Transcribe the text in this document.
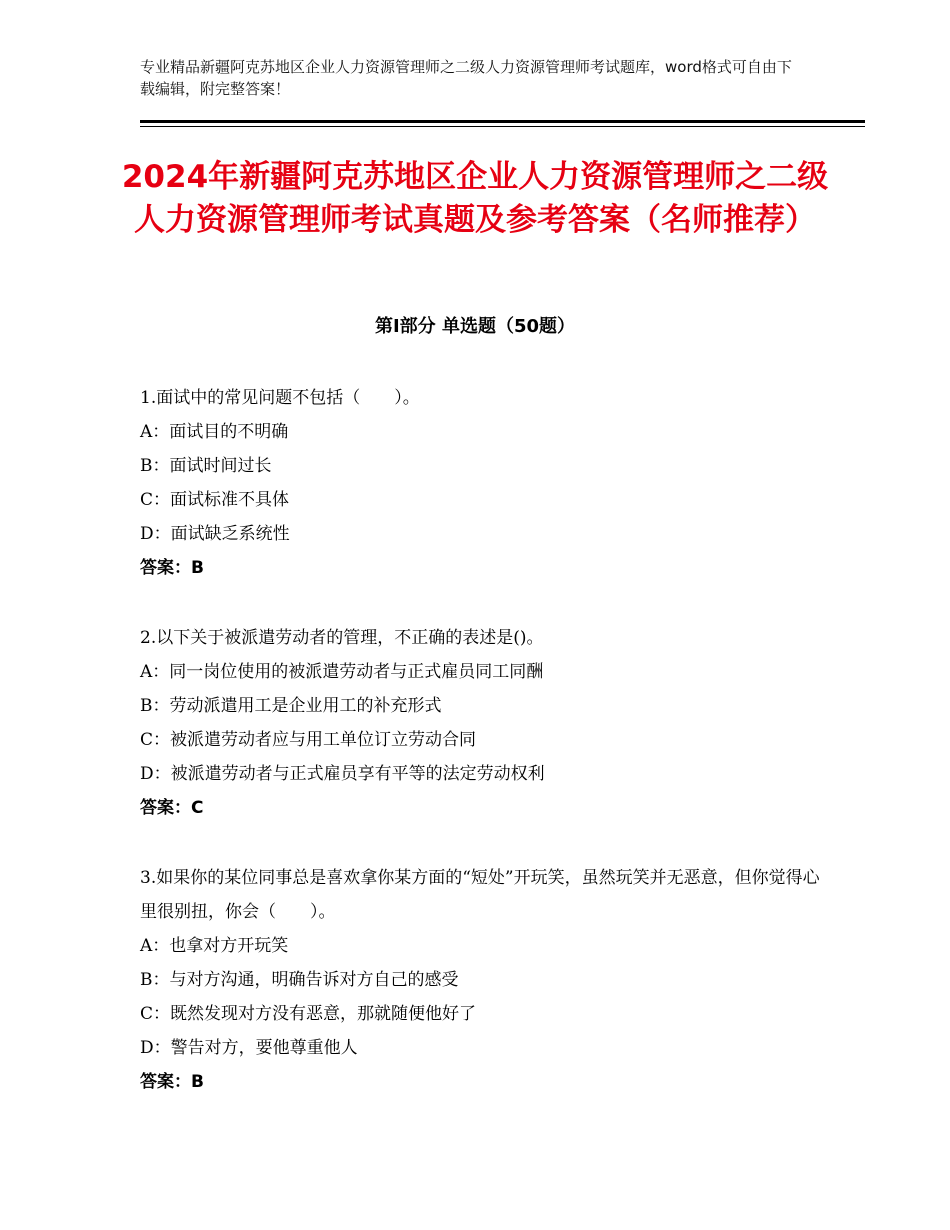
专业精品新疆阿克苏地区企业人力资源管理师之二级人力资源管理师考试题库，word格式可自由下载编辑，附完整答案！
2024年新疆阿克苏地区企业人力资源管理师之二级人力资源管理师考试真题及参考答案（名师推荐）
第Ⅰ部分 单选题（50题）

1.面试中的常见问题不包括（　　）。

A：面试目的不明确

B：面试时间过长

C：面试标准不具体

D：面试缺乏系统性

答案：B

2.以下关于被派遣劳动者的管理，不正确的表述是()。

A：同一岗位使用的被派遣劳动者与正式雇员同工同酬

B：劳动派遣用工是企业用工的补充形式

C：被派遣劳动者应与用工单位订立劳动合同

D：被派遣劳动者与正式雇员享有平等的法定劳动权利

答案：C

3.如果你的某位同事总是喜欢拿你某方面的“短处”开玩笑，虽然玩笑并无恶意，但你觉得心里很别扭，你会（　　）。

A：也拿对方开玩笑

B：与对方沟通，明确告诉对方自己的感受

C：既然发现对方没有恶意，那就随便他好了

D：警告对方，要他尊重他人

答案：B
